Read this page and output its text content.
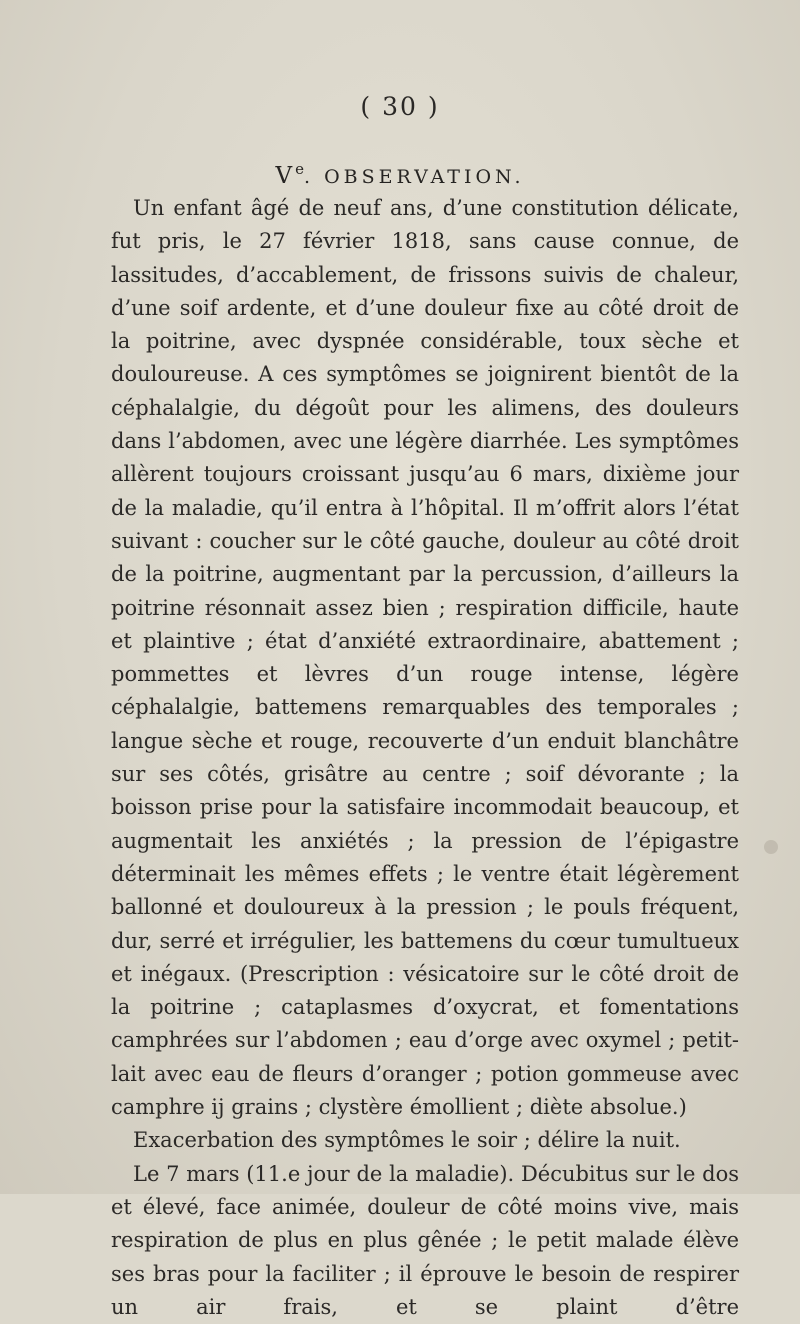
( 30 )
Ve. OBSERVATION.

Un enfant âgé de neuf ans, d’une constitution délicate, fut pris, le 27 février 1818, sans cause connue, de lassitudes, d’accablement, de frissons suivis de chaleur, d’une soif ardente, et d’une douleur fixe au côté droit de la poitrine, avec dyspnée considérable, toux sèche et douloureuse. A ces symptômes se joignirent bientôt de la céphalalgie, du dégoût pour les alimens, des douleurs dans l’abdomen, avec une légère diarrhée. Les symptômes allèrent toujours croissant jusqu’au 6 mars, dixième jour de la maladie, qu’il entra à l’hôpital. Il m’offrit alors l’état suivant : coucher sur le côté gauche, douleur au côté droit de la poitrine, augmentant par la percussion, d’ailleurs la poitrine résonnait assez bien ; respiration difficile, haute et plaintive ; état d’anxiété extraordinaire, abattement ; pommettes et lèvres d’un rouge intense, légère céphalalgie, battemens remarquables des temporales ; langue sèche et rouge, recouverte d’un enduit blanchâtre sur ses côtés, grisâtre au centre ; soif dévorante ; la boisson prise pour la satisfaire incommodait beaucoup, et augmentait les anxiétés ; la pression de l’épigastre déterminait les mêmes effets ; le ventre était légèrement ballonné et douloureux à la pression ; le pouls fréquent, dur, serré et irrégulier, les battemens du cœur tumultueux et inégaux. (Prescription : vésicatoire sur le côté droit de la poitrine ; cataplasmes d’oxycrat, et fomentations camphrées sur l’abdomen ; eau d’orge avec oxymel ; petit-lait avec eau de fleurs d’oranger ; potion gommeuse avec camphre ij grains ; clystère émollient ; diète absolue.)

Exacerbation des symptômes le soir ; délire la nuit.

Le 7 mars (11.e jour de la maladie). Décubitus sur le dos et élevé, face animée, douleur de côté moins vive, mais respiration de plus en plus gênée ; le petit malade élève ses bras pour la faciliter ; il éprouve le besoin de respirer un air frais, et se plaint d’être
